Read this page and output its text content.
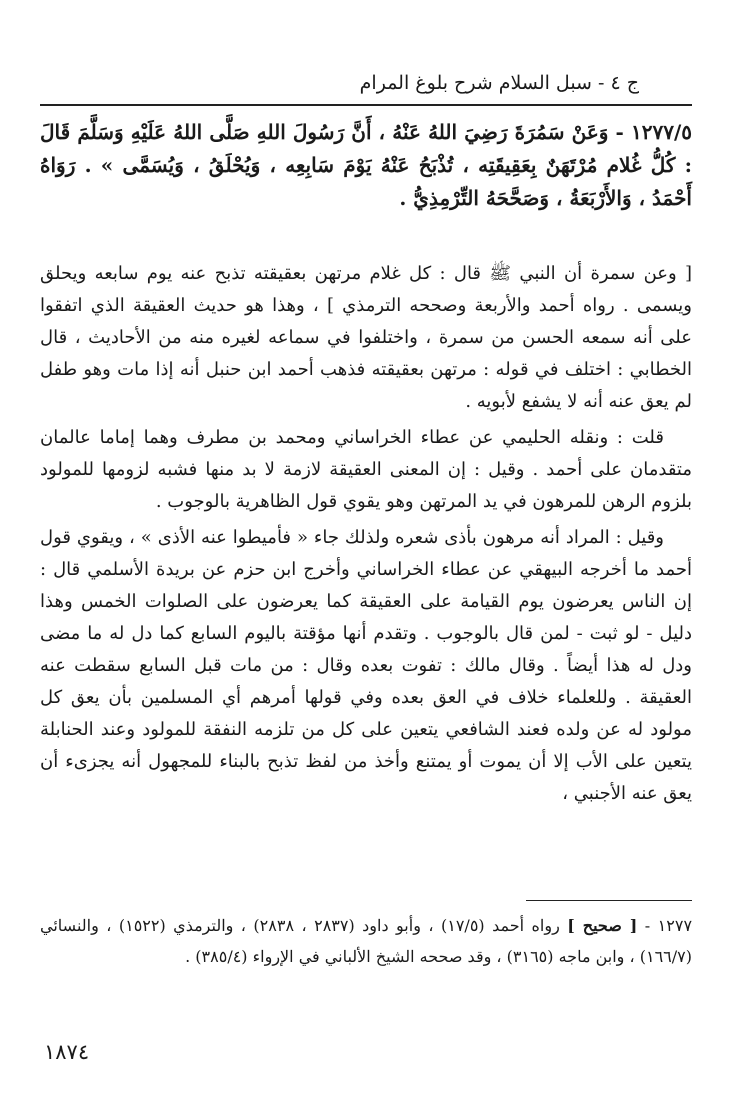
ج ٤ - سبل السلام شرح بلوغ المرام

١٢٧٧/٥ - وَعَنْ سَمُرَةَ رَضِيَ اللهُ عَنْهُ ، أَنَّ رَسُولَ اللهِ صَلَّى اللهُ عَلَيْهِ وَسَلَّمَ قَالَ : كُلُّ غُلام مُرْتَهَنٌ بِعَقِيقَتِه ، تُذْبَحُ عَنْهُ يَوْمَ سَابِعِه ، وَيُحْلَقُ ، وَيُسَمَّى » . رَوَاهُ أَحْمَدُ ، وَالأَرْبَعَةُ ، وَصَحَّحَهُ التِّرْمِذِيُّ .

[ وعن سمرة أن النبي ﷺ قال : كل غلام مرتهن بعقيقته تذبح عنه يوم سابعه ويحلق ويسمى . رواه أحمد والأربعة وصححه الترمذي ] ، وهذا هو حديث العقيقة الذي اتفقوا على أنه سمعه الحسن من سمرة ، واختلفوا في سماعه لغيره منه من الأحاديث ، قال الخطابي : اختلف في قوله : مرتهن بعقيقته فذهب أحمد ابن حنبل أنه إذا مات وهو طفل لم يعق عنه أنه لا يشفع لأبويه .

قلت : ونقله الحليمي عن عطاء الخراساني ومحمد بن مطرف وهما إماما عالمان متقدمان على أحمد . وقيل : إن المعنى العقيقة لازمة لا بد منها فشبه لزومها للمولود بلزوم الرهن للمرهون في يد المرتهن وهو يقوي قول الظاهرية بالوجوب .

وقيل : المراد أنه مرهون بأذى شعره ولذلك جاء « فأميطوا عنه الأذى » ، ويقوي قول أحمد ما أخرجه البيهقي عن عطاء الخراساني وأخرج ابن حزم عن بريدة الأسلمي قال : إن الناس يعرضون يوم القيامة على العقيقة كما يعرضون على الصلوات الخمس وهذا دليل - لو ثبت - لمن قال بالوجوب . وتقدم أنها مؤقتة باليوم السابع كما دل له ما مضى ودل له هذا أيضاً . وقال مالك : تفوت بعده وقال : من مات قبل السابع سقطت عنه العقيقة . وللعلماء خلاف في العق بعده وفي قولها أمرهم أي المسلمين بأن يعق كل مولود له عن ولده فعند الشافعي يتعين على كل من تلزمه النفقة للمولود وعند الحنابلة يتعين على الأب إلا أن يموت أو يمتنع وأخذ من لفظ تذبح بالبناء للمجهول أنه يجزىء أن يعق عنه الأجنبي ،

١٢٧٧ - [ صحيح ] رواه أحمد (١٧/٥) ، وأبو داود (٢٨٣٧ ، ٢٨٣٨) ، والترمذي (١٥٢٢) ، والنسائي (١٦٦/٧) ، وابن ماجه (٣١٦٥) ، وقد صححه الشيخ الألباني في الإرواء (٣٨٥/٤) .

١٨٧٤
